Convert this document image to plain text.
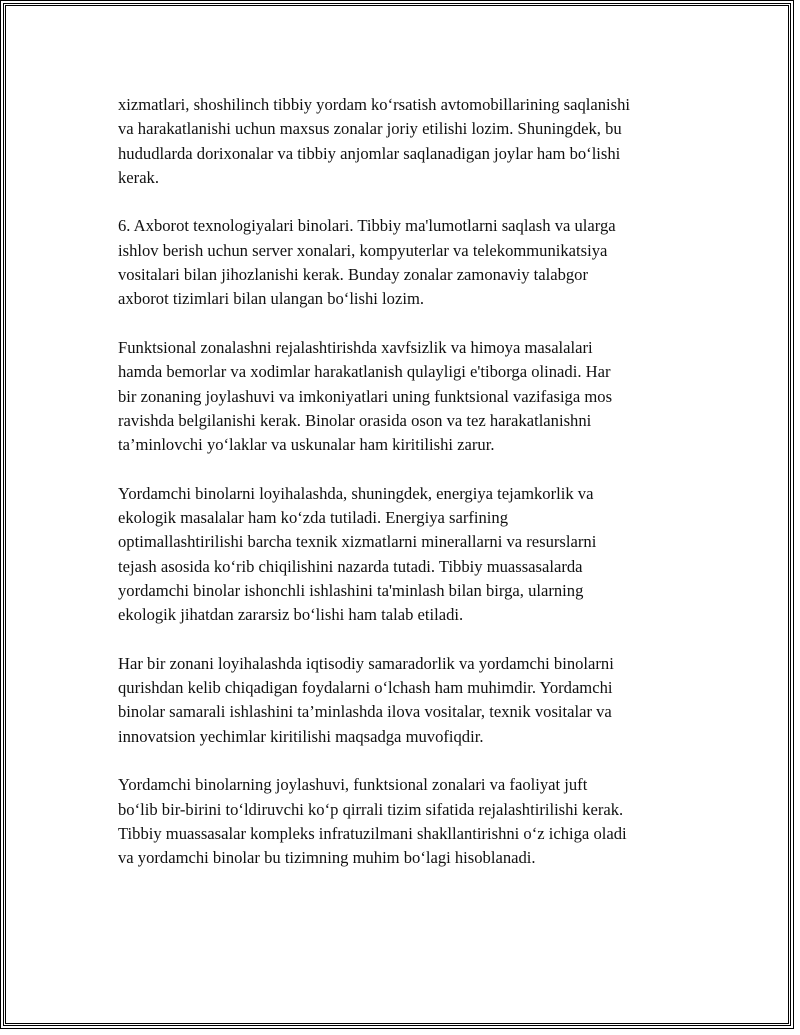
xizmatlari, shoshilinch tibbiy yordam ko‘rsatish avtomobillarining saqlanishi
va harakatlanishi uchun maxsus zonalar joriy etilishi lozim. Shuningdek, bu
hududlarda dorixonalar va tibbiy anjomlar saqlanadigan joylar ham bo‘lishi
kerak.

6. Axborot texnologiyalari binolari. Tibbiy ma'lumotlarni saqlash va ularga
ishlov berish uchun server xonalari, kompyuterlar va telekommunikatsiya
vositalari bilan jihozlanishi kerak. Bunday zonalar zamonaviy talabgor
axborot tizimlari bilan ulangan bo‘lishi lozim.

Funktsional zonalashni rejalashtirishda xavfsizlik va himoya masalalari
hamda bemorlar va xodimlar harakatlanish qulayligi e'tiborga olinadi. Har
bir zonaning joylashuvi va imkoniyatlari uning funktsional vazifasiga mos
ravishda belgilanishi kerak. Binolar orasida oson va tez harakatlanishni
ta’minlovchi yo‘laklar va uskunalar ham kiritilishi zarur.

Yordamchi binolarni loyihalashda, shuningdek, energiya tejamkorlik va
ekologik masalalar ham ko‘zda tutiladi. Energiya sarfining
optimallashtirilishi barcha texnik xizmatlarni minerallarni va resurslarni
tejash asosida ko‘rib chiqilishini nazarda tutadi. Tibbiy muassasalarda
yordamchi binolar ishonchli ishlashini ta'minlash bilan birga, ularning
ekologik jihatdan zararsiz bo‘lishi ham talab etiladi.

Har bir zonani loyihalashda iqtisodiy samaradorlik va yordamchi binolarni
qurishdan kelib chiqadigan foydalarni o‘lchash ham muhimdir. Yordamchi
binolar samarali ishlashini ta’minlashda ilova vositalar, texnik vositalar va
innovatsion yechimlar kiritilishi maqsadga muvofiqdir.

Yordamchi binolarning joylashuvi, funktsional zonalari va faoliyat juft
bo‘lib bir-birini to‘ldiruvchi ko‘p qirrali tizim sifatida rejalashtirilishi kerak.
Tibbiy muassasalar kompleks infratuzilmani shakllantirishni o‘z ichiga oladi
va yordamchi binolar bu tizimning muhim bo‘lagi hisoblanadi.
